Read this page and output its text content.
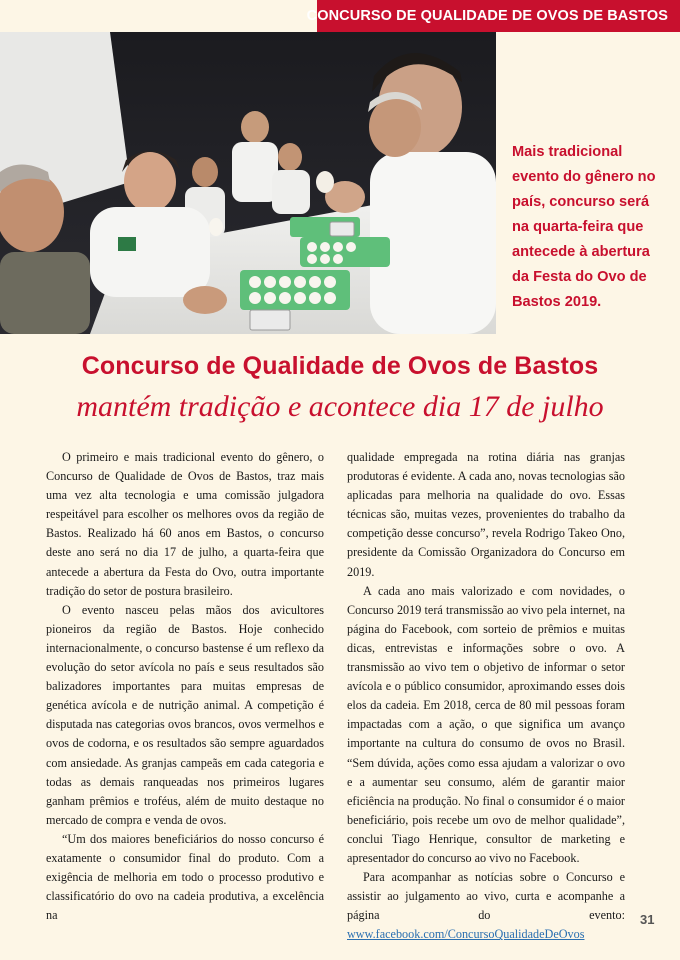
CONCURSO DE QUALIDADE DE OVOS DE BASTOS
Mais tradicional
evento do gênero no
país, concurso será
na quarta-feira que
antecede à abertura
da Festa do Ovo de
Bastos 2019.
Concurso de Qualidade de Ovos de Bastos
mantém tradição e acontece dia 17 de julho

O primeiro e mais tradicional evento do gênero, o Concurso de Qualidade de Ovos de Bastos, traz mais uma vez alta tecnologia e uma comissão julgadora respeitável para escolher os melhores ovos da região de Bastos. Realizado há 60 anos em Bastos, o concurso deste ano será no dia 17 de julho, a quarta-feira que antecede a abertura da Festa do Ovo, outra importante tradição do setor de postura brasileiro.

O evento nasceu pelas mãos dos avicultores pioneiros da região de Bastos. Hoje conhecido internacionalmente, o concurso bastense é um reflexo da evolução do setor avícola no país e seus resultados são balizadores importantes para muitas empresas de genética avícola e de nutrição animal. A competição é disputada nas categorias ovos brancos, ovos vermelhos e ovos de codorna, e os resultados são sempre aguardados com ansiedade. As granjas campeãs em cada categoria e todas as demais ranqueadas nos primeiros lugares ganham prêmios e troféus, além de muito destaque no mercado de compra e venda de ovos.

“Um dos maiores beneficiários do nosso concurso é exatamente o consumidor final do produto. Com a exigência de melhoria em todo o processo produtivo e classificatório do ovo na cadeia produtiva, a excelência na

qualidade empregada na rotina diária nas granjas produtoras é evidente. A cada ano, novas tecnologias são aplicadas para melhoria na qualidade do ovo. Essas técnicas são, muitas vezes, provenientes do trabalho da competição desse concurso”, revela Rodrigo Takeo Ono, presidente da Comissão Organizadora do Concurso em 2019.

A cada ano mais valorizado e com novidades, o Concurso 2019 terá transmissão ao vivo pela internet, na página do Facebook, com sorteio de prêmios e muitas dicas, entrevistas e informações sobre o ovo. A transmissão ao vivo tem o objetivo de informar o setor avícola e o público consumidor, aproximando esses dois elos da cadeia. Em 2018, cerca de 80 mil pessoas foram impactadas com a ação, o que significa um avanço importante na cultura do consumo de ovos no Brasil. “Sem dúvida, ações como essa ajudam a valorizar o ovo e a aumentar seu consumo, além de garantir maior eficiência na produção. No final o consumidor é o maior beneficiário, pois recebe um ovo de melhor qualidade”, conclui Tiago Henrique, consultor de marketing e apresentador do concurso ao vivo no Facebook.

Para acompanhar as notícias sobre o Concurso e assistir ao julgamento ao vivo, curta e acompanhe a página do evento: www.facebook.com/ConcursoQualidadeDeOvos

31
